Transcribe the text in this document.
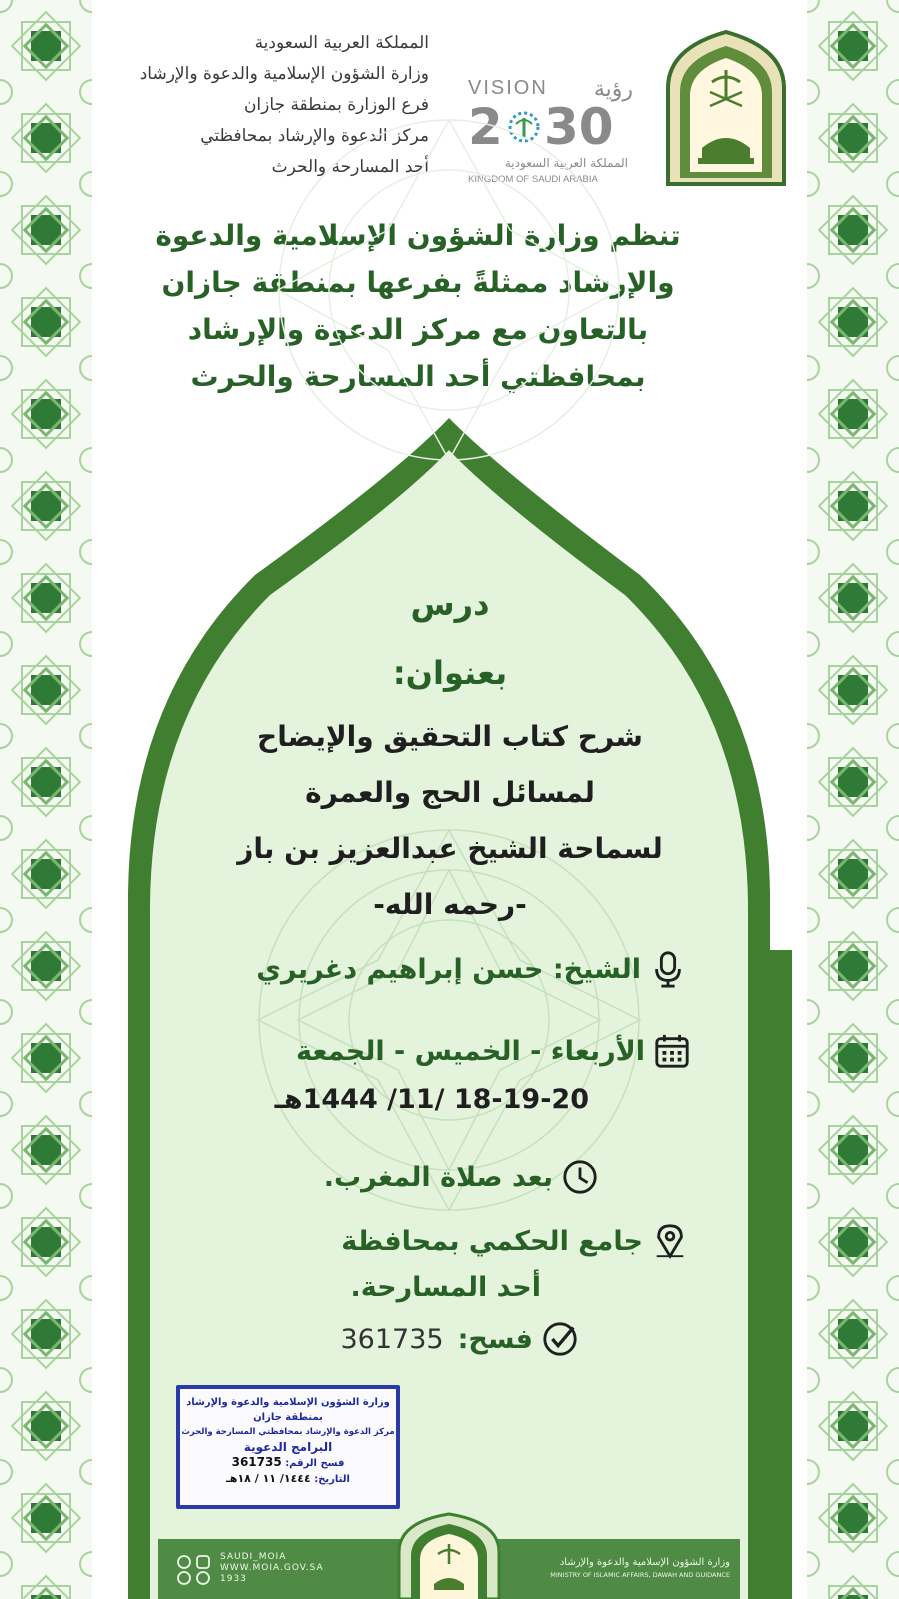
المملكة العربية السعودية
وزارة الشؤون الإسلامية والدعوة والإرشاد
فرع الوزارة بمنطقة جازان
مركز الدعوة والإرشاد بمحافظتي
أحد المسارحة والحرث
VISION رؤية
2 30
المملكة العربية السعودية
KINGDOM OF SAUDI ARABIA
تنظم وزارة الشؤون الإسلامية والدعوة
والإرشاد ممثلةً بفرعها بمنطقة جازان
بالتعاون مع مركز الدعوة والإرشاد
بمحافظتي أحد المسارحة والحرث
درس
بعنوان:
شرح كتاب التحقيق والإيضاح
لمسائل الحج والعمرة
لسماحة الشيخ عبدالعزيز بن باز
-رحمه الله-
الشيخ: حسن إبراهيم دغريري
الأربعاء - الخميس - الجمعة
18-19-20 /11/ 1444هـ
بعد صلاة المغرب.
جامع الحكمي بمحافظة
أحد المسارحة.
فسح:
361735
وزارة الشؤون الإسلامية والدعوة والإرشاد
بمنطقة جازان
مركز الدعوة والإرشاد بمحافظتي المسارحة والحرث
البرامج الدعوية
فسح الرقم: 361735
التاريخ: ١٤٤٤/ ١١ / ١٨هـ
SAUDI_MOIA
WWW.MOIA.GOV.SA
1933
وزارة الشؤون الإسلامية والدعوة والإرشاد
MINISTRY OF ISLAMIC AFFAIRS, DAWAH AND GUIDANCE
